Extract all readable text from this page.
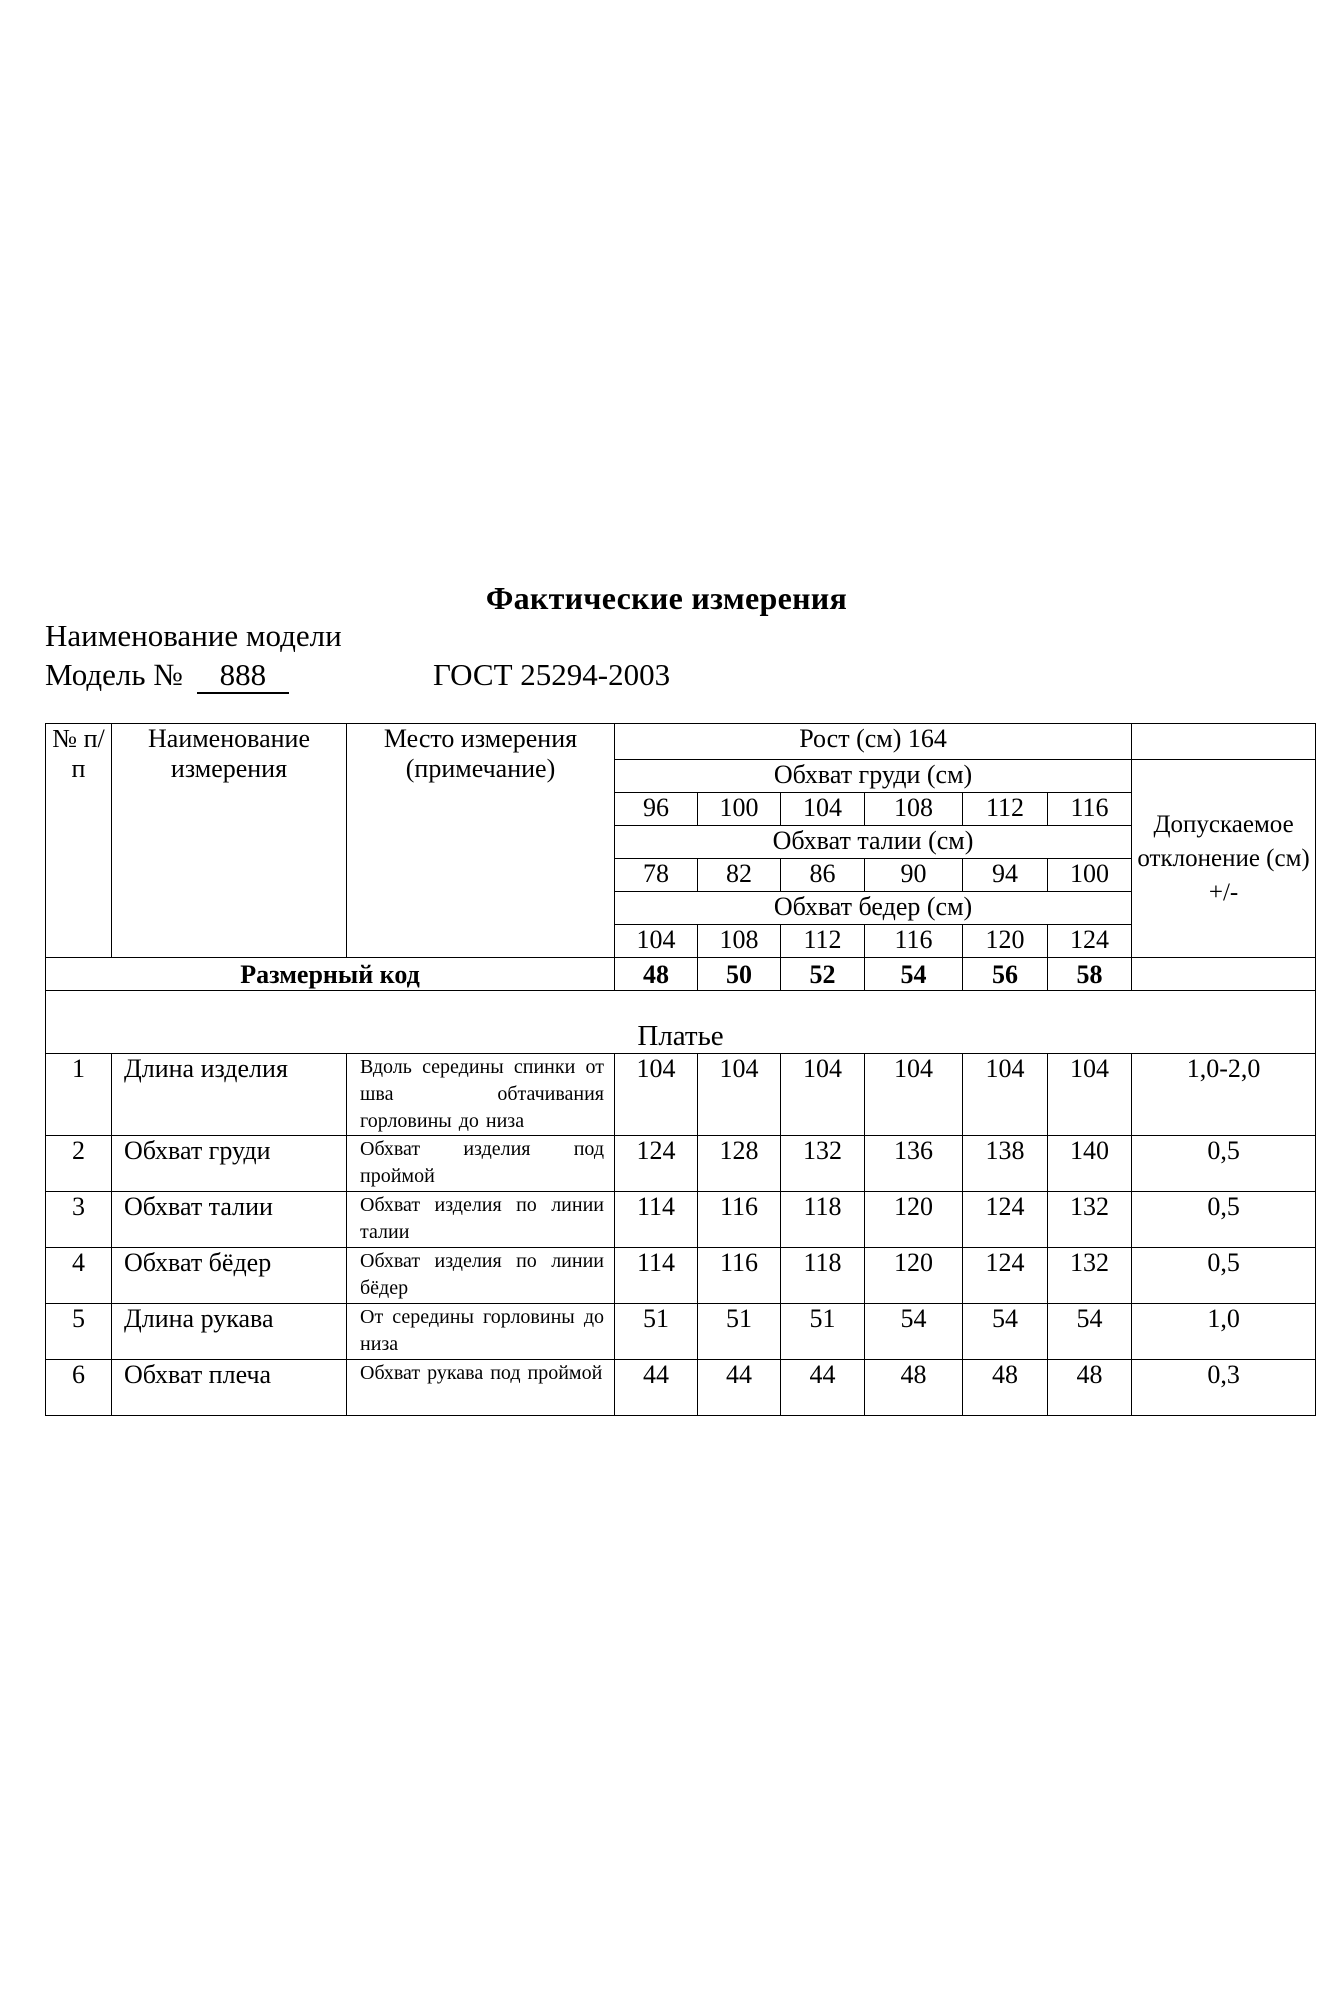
Фактические измерения
Наименование модели
Модель № 888	ГОСТ 25294-2003
№ п/п	Наименование измерения	Место измерения (примечание)	Рост (см) 164						
			Обхват груди (см)						Допускаемое отклонение (см) +/-
			96	100	104	108	112	116	
			Обхват талии (см)						
			78	82	86	90	94	100	
			Обхват бедер (см)						
			104	108	112	116	120	124	
Размерный код			48	50	52	54	56	58	
Платье									
1	Длина изделия	Вдоль середины спинки от шва обтачивания горловины до низа	104	104	104	104	104	104	1,0-2,0
2	Обхват груди	Обхват изделия под проймой	124	128	132	136	138	140	0,5
3	Обхват талии	Обхват изделия по линии талии	114	116	118	120	124	132	0,5
4	Обхват бёдер	Обхват изделия по линии бёдер	114	116	118	120	124	132	0,5
5	Длина рукава	От середины горловины до низа	51	51	51	54	54	54	1,0
6	Обхват плеча	Обхват рукава под проймой	44	44	44	48	48	48	0,3
